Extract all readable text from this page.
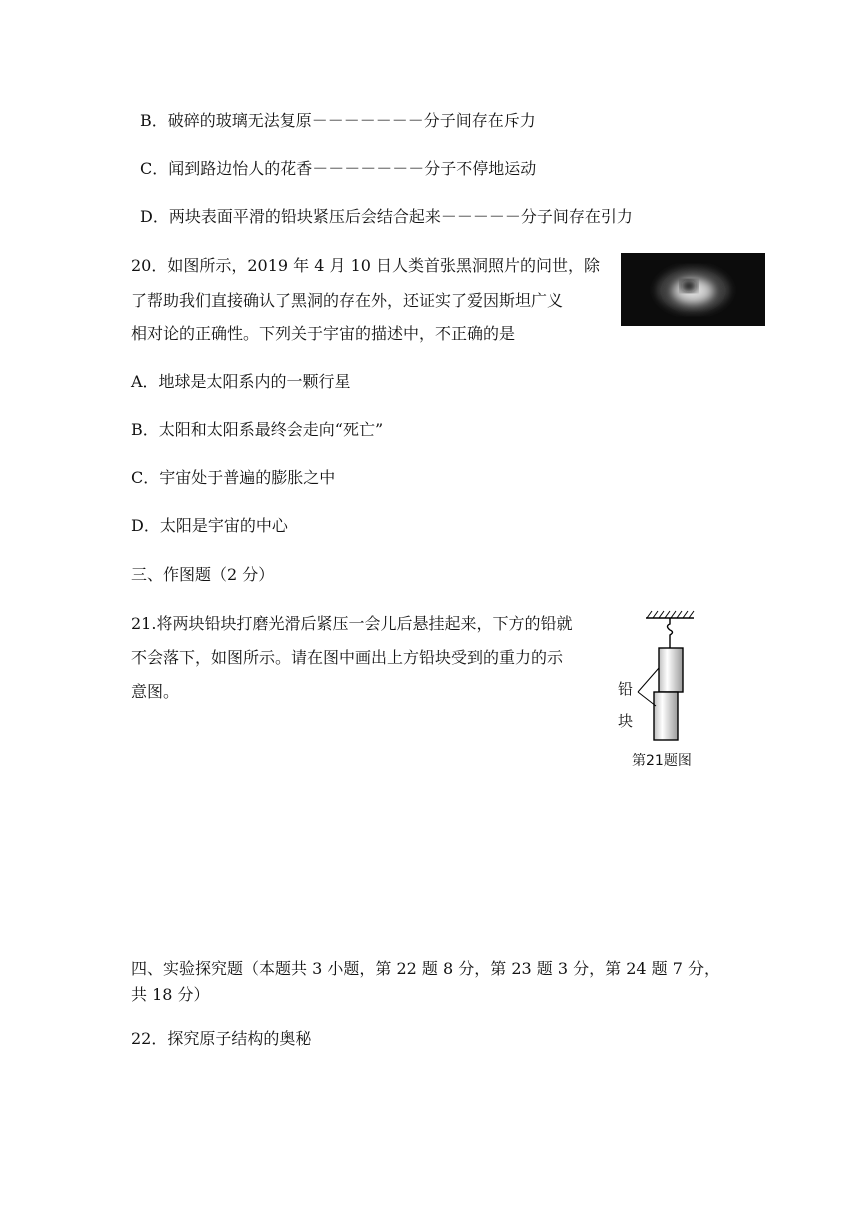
B．破碎的玻璃无法复原－－－－－－－分子间存在斥力
C．闻到路边怡人的花香－－－－－－－分子不停地运动
D．两块表面平滑的铅块紧压后会结合起来－－－－－分子间存在引力
20．如图所示，2019 年 4 月 10 日人类首张黑洞照片的问世，除
了帮助我们直接确认了黑洞的存在外，还证实了爱因斯坦广义
相对论的正确性。下列关于宇宙的描述中，不正确的是
A．地球是太阳系内的一颗行星
B．太阳和太阳系最终会走向“死亡”
C．宇宙处于普遍的膨胀之中
D．太阳是宇宙的中心
三、作图题（2 分）
21.将两块铅块打磨光滑后紧压一会儿后悬挂起来，下方的铅就
不会落下，如图所示。请在图中画出上方铅块受到的重力的示
意图。	铅
块
第21题图
四、实验探究题（本题共 3 小题，第 22 题 8 分，第 23 题 3 分，第 24 题 7 分，
共 18 分）
22．探究原子结构的奥秘
